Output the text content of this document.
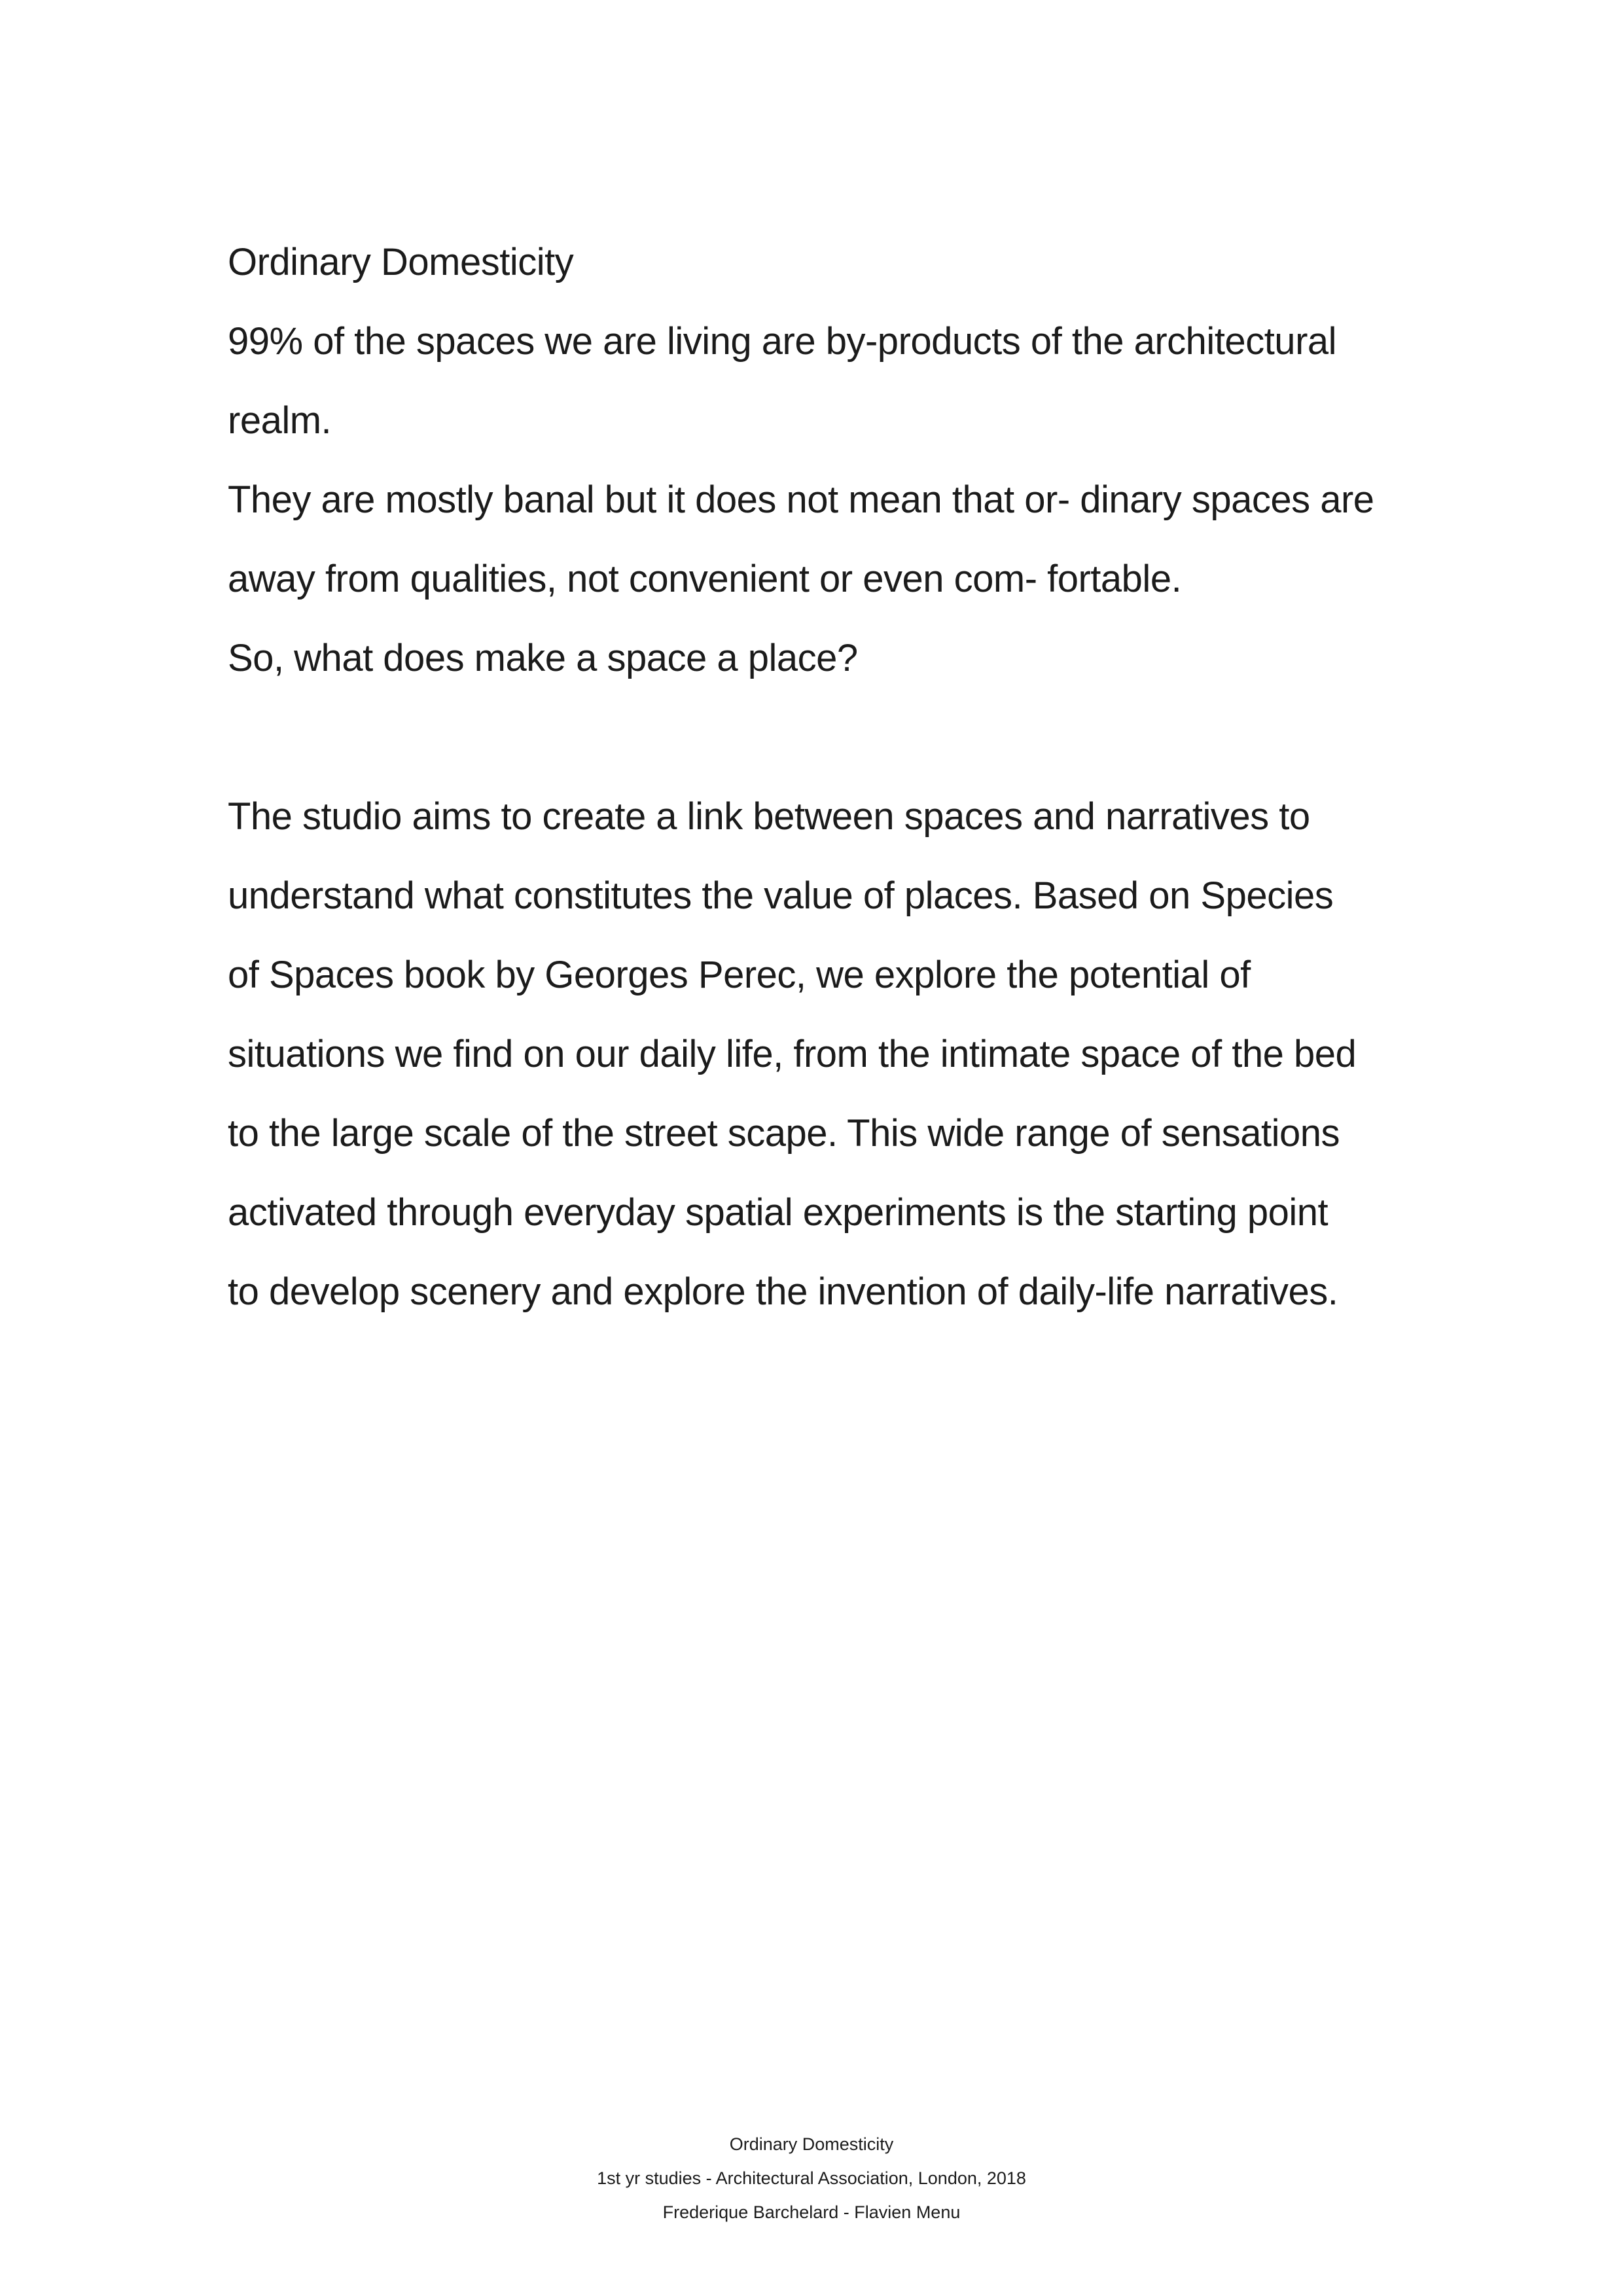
Ordinary Domesticity
99% of the spaces we are living are by-products of the architectural
realm.
They are mostly banal but it does not mean that or- dinary spaces are
away from qualities, not convenient or even com- fortable.
So, what does make a space a place?
The studio aims to create a link between spaces and narratives to
understand what constitutes the value of places. Based on Species
of Spaces book by Georges Perec, we explore the potential of
situations we find on our daily life, from the intimate space of the bed
to the large scale of the street scape. This wide range of sensations
activated through everyday spatial experiments is the starting point
to develop scenery and explore the invention of daily-life narratives.
Ordinary Domesticity
1st yr studies - Architectural Association, London, 2018
Frederique Barchelard - Flavien Menu
